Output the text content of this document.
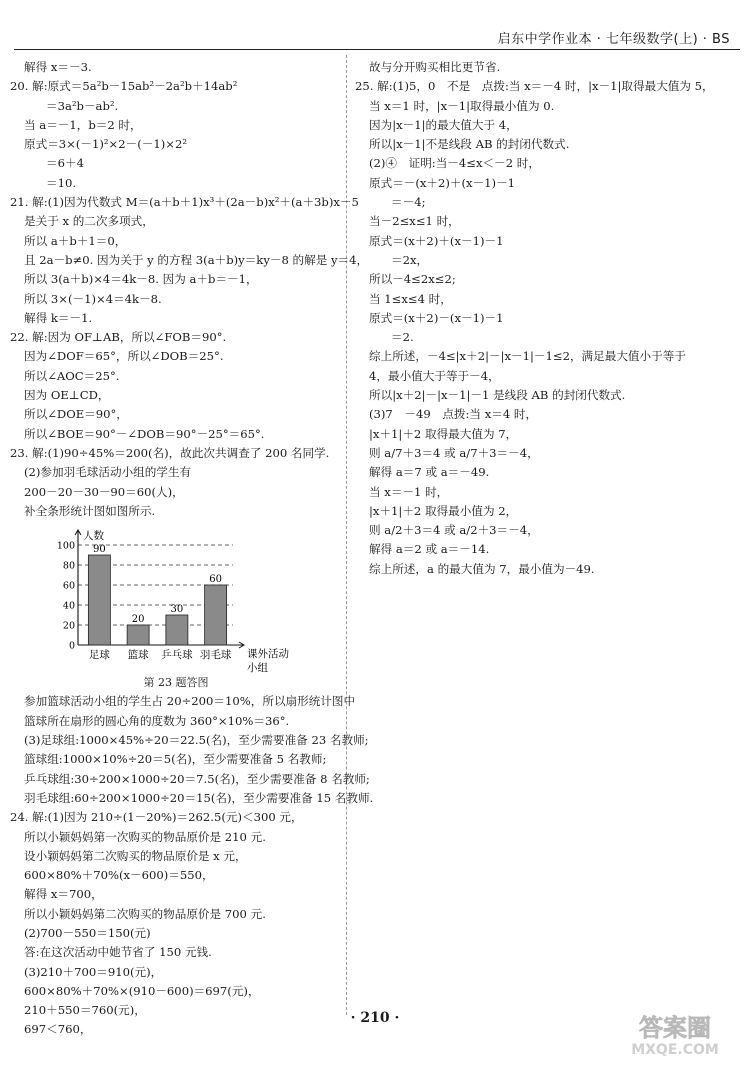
启东中学作业本 · 七年级数学(上) · BS
解得 x＝－3.
20. 解:原式＝5a²b－15ab²－2a²b＋14ab²
＝3a²b－ab².
当 a＝－1，b＝2 时，
原式＝3×(－1)²×2－(－1)×2²
＝6＋4
＝10.
21. 解:(1)因为代数式 M＝(a＋b＋1)x³＋(2a－b)x²＋(a＋3b)x－5
是关于 x 的二次多项式，
所以 a＋b＋1＝0，
且 2a－b≠0. 因为关于 y 的方程 3(a＋b)y＝ky－8 的解是 y＝4，
所以 3(a＋b)×4＝4k－8. 因为 a＋b＝－1，
所以 3×(－1)×4＝4k－8.
解得 k＝－1.
22. 解:因为 OF⊥AB，所以∠FOB＝90°.
因为∠DOF＝65°，所以∠DOB＝25°.
所以∠AOC＝25°.
因为 OE⊥CD，
所以∠DOE＝90°，
所以∠BOE＝90°－∠DOB＝90°－25°＝65°.
23. 解:(1)90÷45%＝200(名)，故此次共调查了 200 名同学.
(2)参加羽毛球活动小组的学生有
200－20－30－90＝60(人)，
补全条形统计图如图所示.
0
20
40
60
80
100
人数
课外活动
小组
90
足球
20
篮球
30
乒乓球
60
羽毛球
第 23 题答图
参加篮球活动小组的学生占 20÷200＝10%，所以扇形统计图中
篮球所在扇形的圆心角的度数为 360°×10%＝36°.
(3)足球组:1000×45%÷20＝22.5(名)，至少需要准备 23 名教师;
篮球组:1000×10%÷20＝5(名)，至少需要准备 5 名教师;
乒乓球组:30÷200×1000÷20＝7.5(名)，至少需要准备 8 名教师;
羽毛球组:60÷200×1000÷20＝15(名)，至少需要准备 15 名教师.
24. 解:(1)因为 210÷(1－20%)＝262.5(元)＜300 元，
所以小颖妈妈第一次购买的物品原价是 210 元.
设小颖妈妈第二次购买的物品原价是 x 元，
600×80%＋70%(x－600)＝550，
解得 x＝700，
所以小颖妈妈第二次购买的物品原价是 700 元.
(2)700－550＝150(元)
答:在这次活动中她节省了 150 元钱.
(3)210＋700＝910(元)，
600×80%＋70%×(910－600)＝697(元)，
210＋550＝760(元)，
697＜760，
故与分开购买相比更节省.
25. 解:(1)5，0　不是　点拨:当 x＝－4 时，|x－1|取得最大值为 5，
当 x＝1 时，|x－1|取得最小值为 0.
因为|x－1|的最大值大于 4，
所以|x－1|不是线段 AB 的封闭代数式.
(2)④　证明:当－4≤x＜－2 时，
原式＝－(x＋2)＋(x－1)－1
＝－4;
当－2≤x≤1 时，
原式＝(x＋2)＋(x－1)－1
＝2x，
所以－4≤2x≤2;
当 1≤x≤4 时，
原式＝(x＋2)－(x－1)－1
＝2.
综上所述，－4≤|x＋2|－|x－1|－1≤2，满足最大值小于等于
4，最小值大于等于－4，
所以|x＋2|－|x－1|－1 是线段 AB 的封闭代数式.
(3)7　－49　点拨:当 x＝4 时，
|x＋1|＋2 取得最大值为 7，
则 a/7＋3＝4 或 a/7＋3＝－4，
解得 a＝7 或 a＝－49.
当 x＝－1 时，
|x＋1|＋2 取得最小值为 2，
则 a/2＋3＝4 或 a/2＋3＝－4，
解得 a＝2 或 a＝－14.
综上所述，a 的最大值为 7，最小值为－49.
· 210 ·	答案圈
MXQE.COM
